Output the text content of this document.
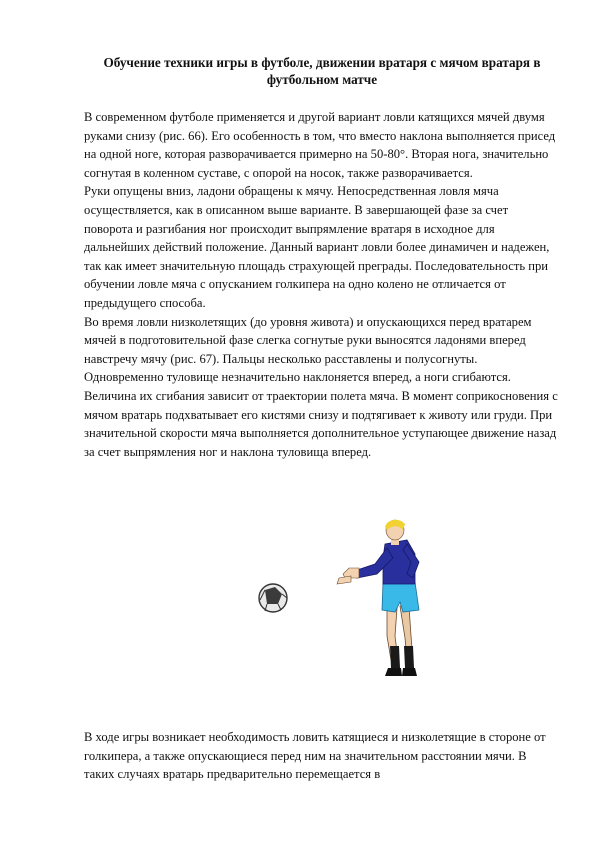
Обучение техники игры в футболе, движении вратаря с мячом вратаря в футбольном матче

В современном футболе применяется и другой вариант ловли катящихся мячей двумя руками снизу (рис. 66). Его особенность в том, что вместо наклона выполняется присед на одной ноге, которая разворачивается примерно на 50-80°. Вторая нога, значительно согнутая в коленном суставе, с опорой на носок, также разворачивается.

Руки опущены вниз, ладони обращены к мячу. Непосредственная ловля мяча осуществляется, как в описанном выше варианте. В завершающей фазе за счет поворота и разгибания ног происходит выпрямление вратаря в исходное для дальнейших действий положение. Данный вариант ловли более динамичен и надежен, так как имеет значительную площадь страхующей преграды. Последовательность при обучении ловле мяча с опусканием голкипера на одно колено не отличается от предыдущего способа.

Во время ловли низколетящих (до уровня живота) и опускающихся перед вратарем мячей в подготовительной фазе слегка согнутые руки выносятся ладонями вперед навстречу мячу (рис. 67). Пальцы несколько расставлены и полусогнуты. Одновременно туловище незначительно наклоняется вперед, а ноги сгибаются. Величина их сгибания зависит от траектории полета мяча. В момент соприкосновения с мячом вратарь подхватывает его кистями снизу и подтягивает к животу или груди. При значительной скорости мяча выполняется дополнительное уступающее движение назад за счет выпрямления ног и наклона туловища вперед.

В ходе игры возникает необходимость ловить катящиеся и низколетящие в стороне от голкипера, а также опускающиеся перед ним на значительном расстоянии мячи. В таких случаях вратарь предварительно перемещается в
